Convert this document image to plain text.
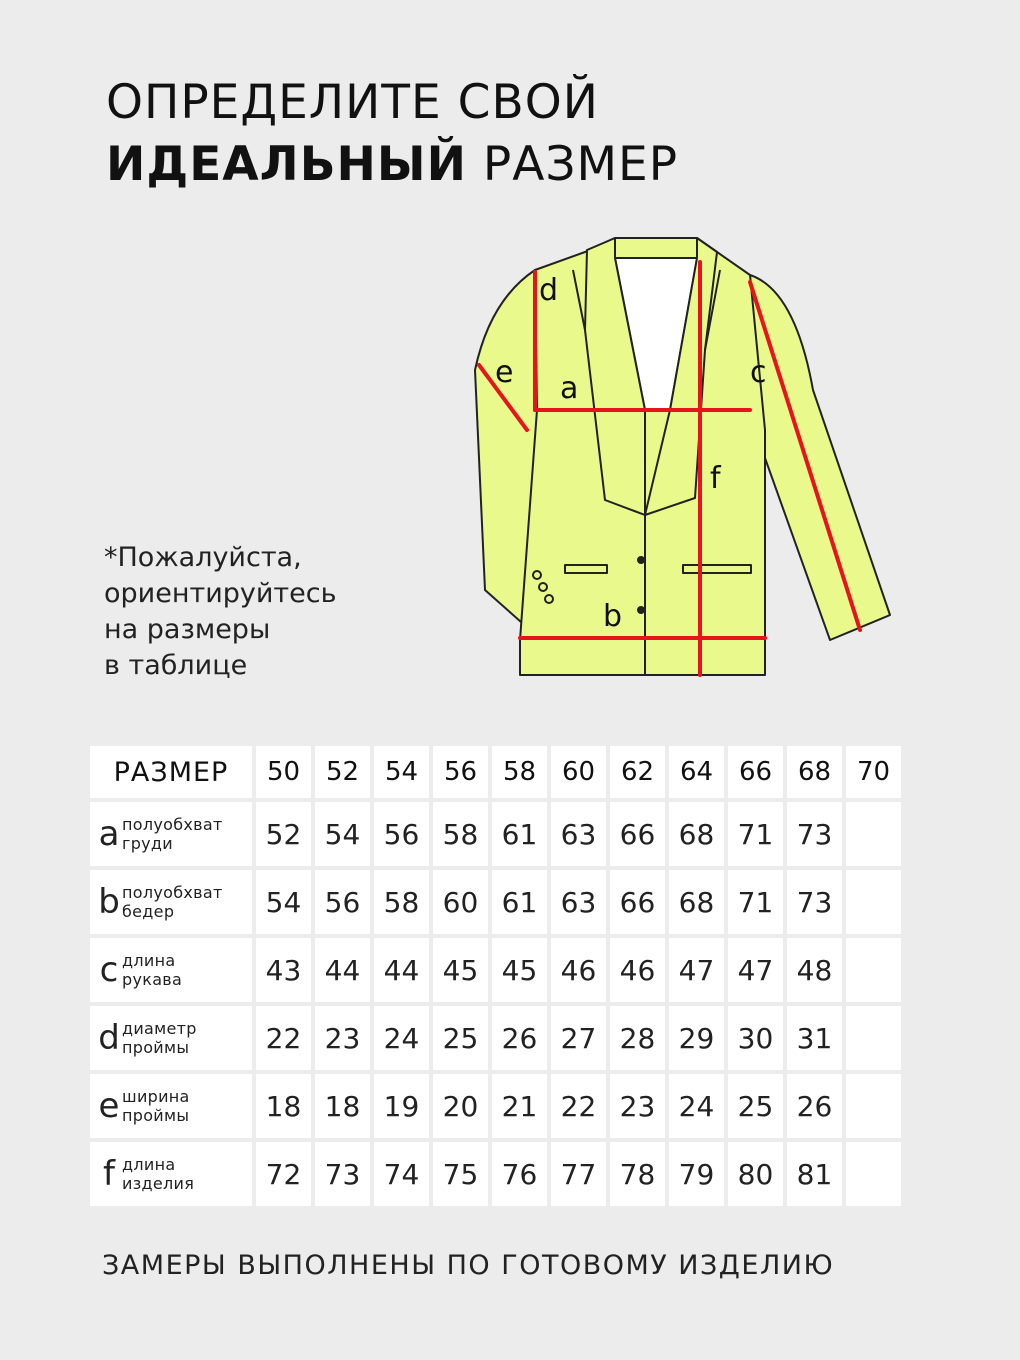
ОПРЕДЕЛИТЕ СВОЙ
ИДЕАЛЬНЫЙ РАЗМЕР
*Пожалуйста,
ориентируйтесь
на размеры
в таблице
d
e a	c
f
b
РАЗМЕР	50	52	54	56	58	60	62	64	66	68	70
a полуобхват
груди	52	54	56	58	61	63	66	68	71	73	
b полуобхват
бедер	54	56	58	60	61	63	66	68	71	73	
c длина
рукава	43	44	44	45	45	46	46	47	47	48	
d диаметр
проймы	22	23	24	25	26	27	28	29	30	31	
e ширина
проймы	18	18	19	20	21	22	23	24	25	26	
f длина
изделия	72	73	74	75	76	77	78	79	80	81	
ЗАМЕРЫ ВЫПОЛНЕНЫ ПО ГОТОВОМУ ИЗДЕЛИЮ
